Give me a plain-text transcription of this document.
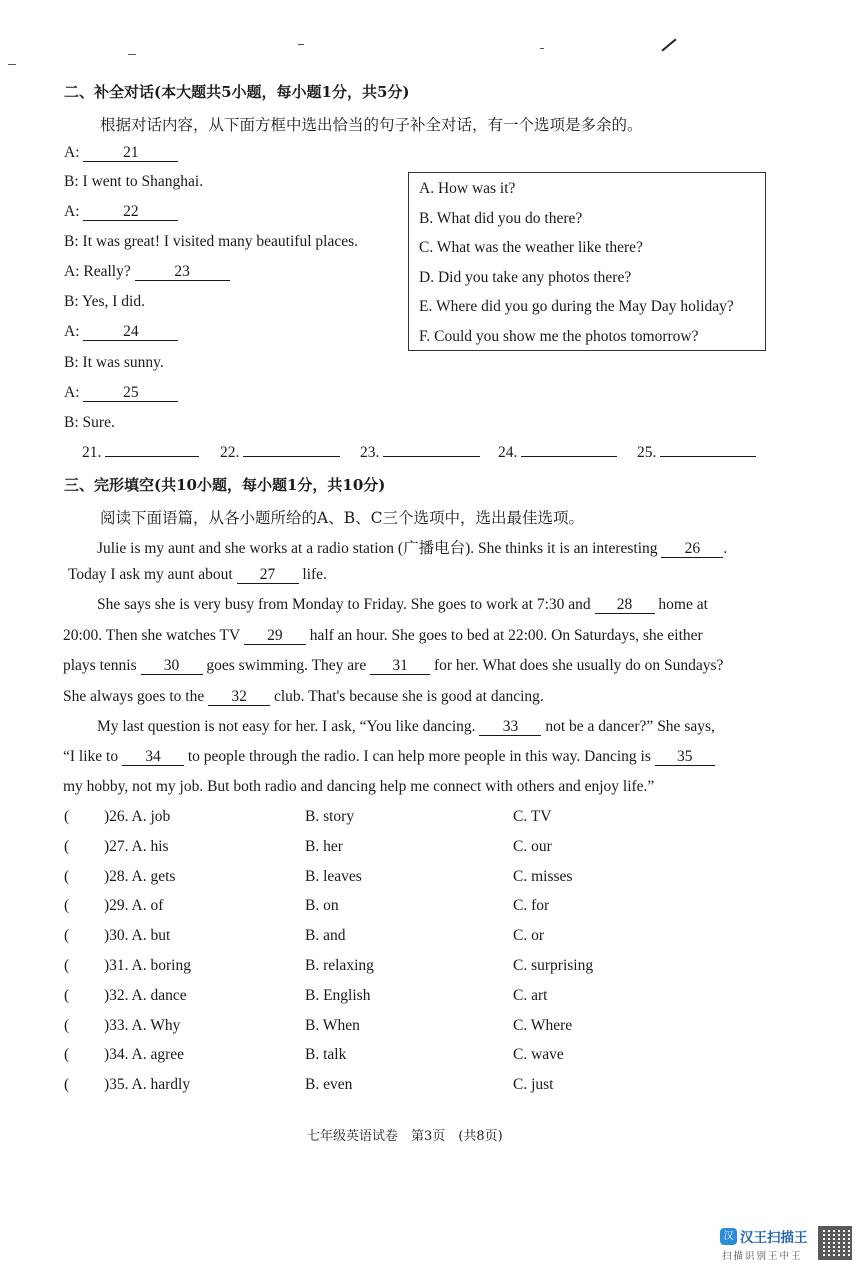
二、补全对话(本大题共5小题，每小题1分，共5分)
根据对话内容，从下面方框中选出恰当的句子补全对话，有一个选项是多余的。
A:	21
B: I went to Shanghai.
A:	22
B: It was great! I visited many beautiful places.
A: Really?	23
B: Yes, I did.
A:	24
B: It was sunny.
A:	25
B: Sure.
A. How was it?
B. What did you do there?
C. What was the weather like there?
D. Did you take any photos there?
E. Where did you go during the May Day holiday?
F. Could you show me the photos tomorrow?
21.	22.	23.	24.	25.
三、完形填空(共10小题，每小题1分，共10分)
阅读下面语篇，从各小题所给的A、B、C三个选项中，选出最佳选项。
Julie is my aunt and she works at a radio station (广播电台). She thinks it is an interesting 26 .
Today I ask my aunt about 27 life.
She says she is very busy from Monday to Friday. She goes to work at 7:30 and 28 home at
20:00. Then she watches TV 29 half an hour. She goes to bed at 22:00. On Saturdays, she either
plays tennis 30 goes swimming. They are 31 for her. What does she usually do on Sundays?
She always goes to the 32 club. That's because she is good at dancing.
My last question is not easy for her. I ask, “You like dancing. 33 not be a dancer?” She says,
“I like to 34 to people through the radio. I can help more people in this way. Dancing is 35
my hobby, not my job. But both radio and dancing help me connect with others and enjoy life.”
( )26. A. job	B. story	C. TV
( )27. A. his	B. her	C. our
( )28. A. gets	B. leaves	C. misses
( )29. A. of	B. on	C. for
( )30. A. but	B. and	C. or
( )31. A. boring	B. relaxing	C. surprising
( )32. A. dance	B. English	C. art
( )33. A. Why	B. When	C. Where
( )34. A. agree	B. talk	C. wave
( )35. A. hardly	B. even	C. just
七年级英语试卷　第3页　(共8页)
汉 汉王扫描王
扫描识别王中王
